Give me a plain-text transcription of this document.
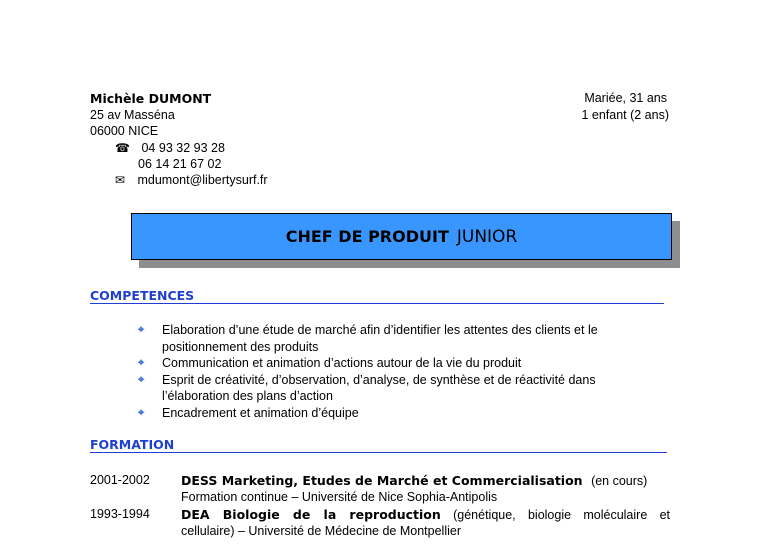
Michèle DUMONT
25 av Masséna
06000 NICE
☎ 04 93 32 93 28
06 14 21 67 02
✉ mdumont@libertysurf.fr
Mariée, 31 ans
1 enfant (2 ans)
CHEF DE PRODUIT JUNIOR
COMPETENCES
⌖	Elaboration d’une étude de marché afin d’identifier les attentes des clients et le
positionnement des produits
⌖	Communication et animation d’actions autour de la vie du produit
⌖	Esprit de créativité, d’observation, d’analyse, de synthèse et de réactivité dans
l’élaboration des plans d’action
⌖	Encadrement et animation d’équipe
FORMATION
2001-2002 DESS Marketing, Etudes de Marché et Commercialisation (en cours)
Formation continue – Université de Nice Sophia-Antipolis
1993-1994 DEA Biologie de la reproduction (génétique, biologie moléculaire et
cellulaire) – Université de Médecine de Montpellier
